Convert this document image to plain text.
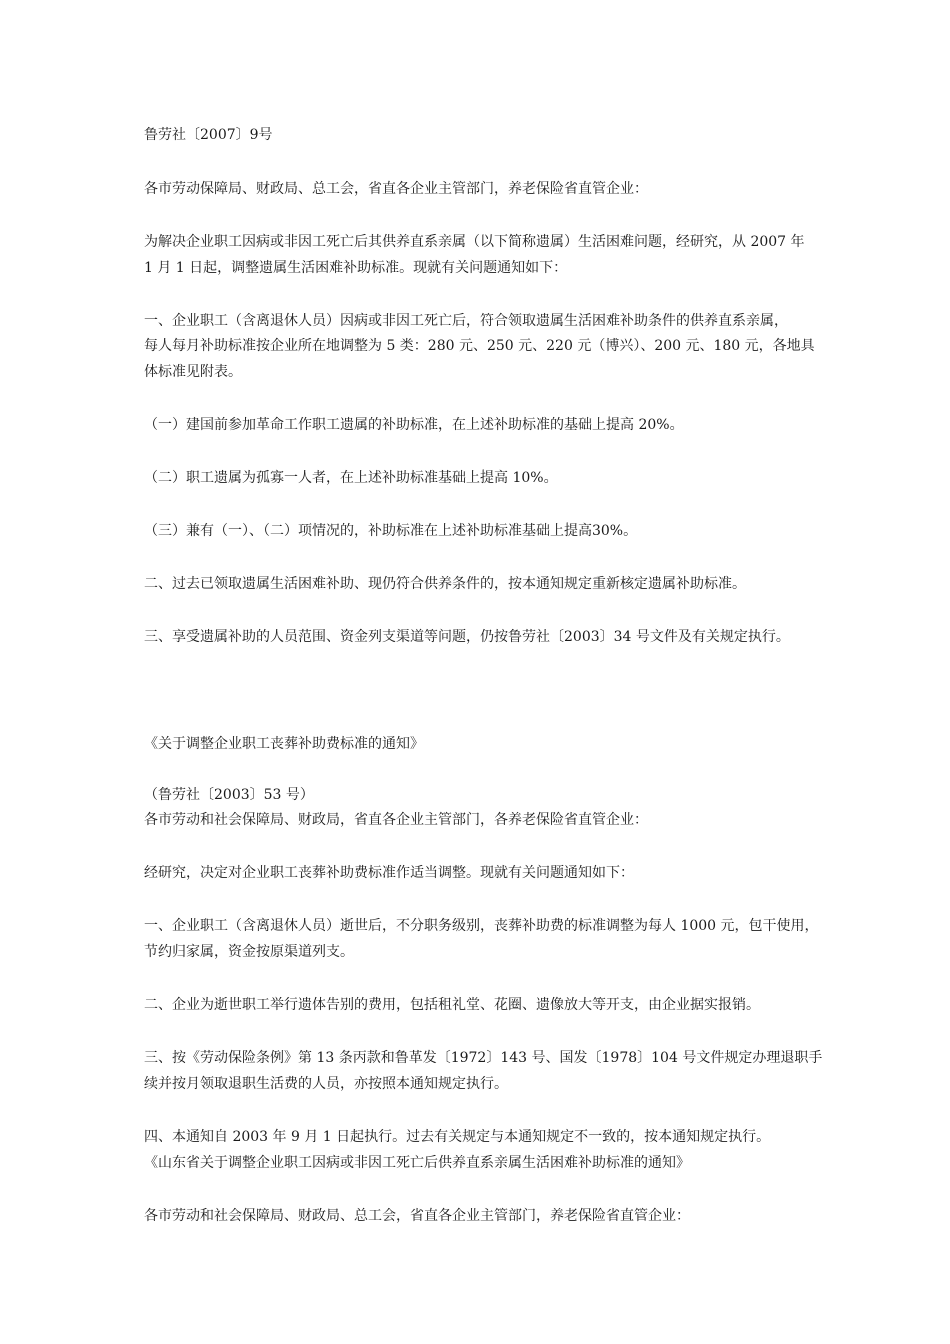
鲁劳社〔2007〕9号

各市劳动保障局、财政局、总工会，省直各企业主管部门，养老保险省直管企业：

为解决企业职工因病或非因工死亡后其供养直系亲属（以下简称遗属）生活困难问题，经研究，从 2007 年

1 月 1 日起，调整遗属生活困难补助标准。现就有关问题通知如下：

一、企业职工（含离退休人员）因病或非因工死亡后，符合领取遗属生活困难补助条件的供养直系亲属，

每人每月补助标准按企业所在地调整为 5 类：280 元、250 元、220 元（博兴）、200 元、180 元，各地具

体标准见附表。

（一）建国前参加革命工作职工遗属的补助标准，在上述补助标准的基础上提高 20%。

（二）职工遗属为孤寡一人者，在上述补助标准基础上提高 10%。

（三）兼有（一）、（二）项情况的，补助标准在上述补助标准基础上提高30%。

二、过去已领取遗属生活困难补助、现仍符合供养条件的，按本通知规定重新核定遗属补助标准。

三、享受遗属补助的人员范围、资金列支渠道等问题，仍按鲁劳社〔2003〕34 号文件及有关规定执行。

《关于调整企业职工丧葬补助费标准的通知》

（鲁劳社〔2003〕53 号）

各市劳动和社会保障局、财政局，省直各企业主管部门，各养老保险省直管企业：

经研究，决定对企业职工丧葬补助费标准作适当调整。现就有关问题通知如下：

一、企业职工（含离退休人员）逝世后，不分职务级别，丧葬补助费的标准调整为每人 1000 元，包干使用，

节约归家属，资金按原渠道列支。

二、企业为逝世职工举行遗体告别的费用，包括租礼堂、花圈、遗像放大等开支，由企业据实报销。

三、按《劳动保险条例》第 13 条丙款和鲁革发〔1972〕143 号、国发〔1978〕104 号文件规定办理退职手

续并按月领取退职生活费的人员，亦按照本通知规定执行。

四、本通知自 2003 年 9 月 1 日起执行。过去有关规定与本通知规定不一致的，按本通知规定执行。

《山东省关于调整企业职工因病或非因工死亡后供养直系亲属生活困难补助标准的通知》

各市劳动和社会保障局、财政局、总工会，省直各企业主管部门，养老保险省直管企业：
